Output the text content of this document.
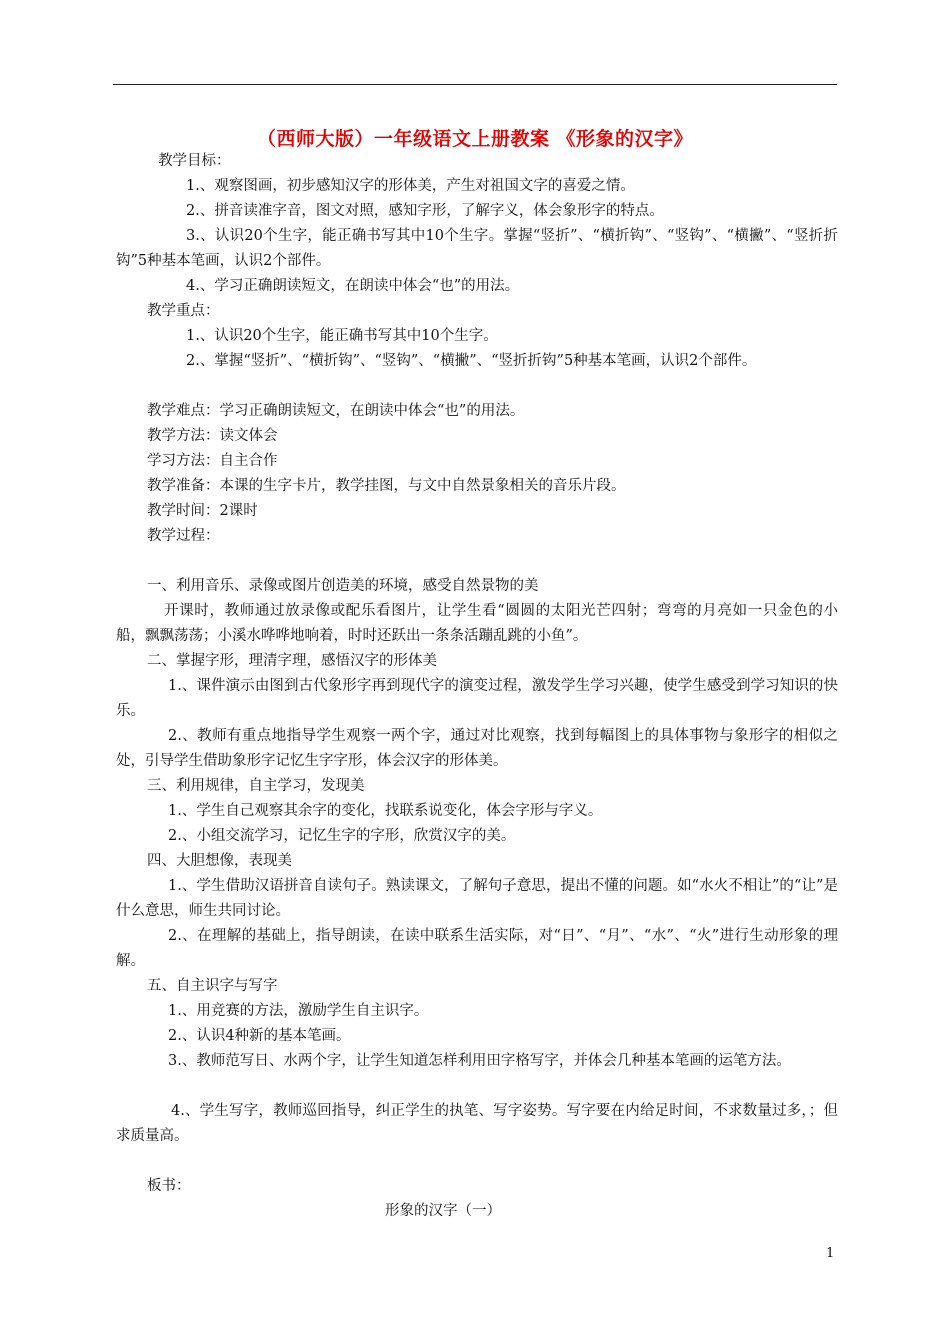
（西师大版）一年级语文上册教案 《形象的汉字》
教学目标：
1.、观察图画，初步感知汉字的形体美，产生对祖国文字的喜爱之情。
2.、拼音读准字音，图文对照，感知字形，了解字义，体会象形字的特点。
3.、认识20个生字，能正确书写其中10个生字。掌握“竖折”、“横折钩”、“竖钩”、“横撇”、“竖折折钩”5种基本笔画，认识2个部件。
4.、学习正确朗读短文，在朗读中体会“也”的用法。
教学重点：
1.、认识20个生字，能正确书写其中10个生字。
2.、掌握“竖折”、“横折钩”、“竖钩”、“横撇”、“竖折折钩”5种基本笔画，认识2个部件。
教学难点：学习正确朗读短文，在朗读中体会“也”的用法。
教学方法：读文体会
学习方法：自主合作
教学准备：本课的生字卡片，教学挂图，与文中自然景象相关的音乐片段。
教学时间：2课时
教学过程：
一、利用音乐、录像或图片创造美的环境，感受自然景物的美
开课时，教师通过放录像或配乐看图片，让学生看“圆圆的太阳光芒四射；弯弯的月亮如一只金色的小船，飘飘荡荡；小溪水哗哗地响着，时时还跃出一条条活蹦乱跳的小鱼”。
二、掌握字形，理清字理，感悟汉字的形体美
1.、课件演示由图到古代象形字再到现代字的演变过程，激发学生学习兴趣，使学生感受到学习知识的快乐。
2.、教师有重点地指导学生观察一两个字，通过对比观察，找到每幅图上的具体事物与象形字的相似之处，引导学生借助象形字记忆生字字形，体会汉字的形体美。
三、利用规律，自主学习，发现美
1.、学生自己观察其余字的变化，找联系说变化，体会字形与字义。
2.、小组交流学习，记忆生字的字形，欣赏汉字的美。
四、大胆想像，表现美
1.、学生借助汉语拼音自读句子。熟读课文，了解句子意思，提出不懂的问题。如“水火不相让”的“让”是什么意思，师生共同讨论。
2.、在理解的基础上，指导朗读，在读中联系生活实际，对“日”、“月”、“水”、“火”进行生动形象的理解。
五、自主识字与写字
1.、用竞赛的方法，激励学生自主识字。
2.、认识4种新的基本笔画。
3.、教师范写日、水两个字，让学生知道怎样利用田字格写字，并体会几种基本笔画的运笔方法。
4.、学生写字，教师巡回指导，纠正学生的执笔、写字姿势。写字要在内给足时间，不求数量过多，；但求质量高。
板书：
形象的汉字（一）
1
